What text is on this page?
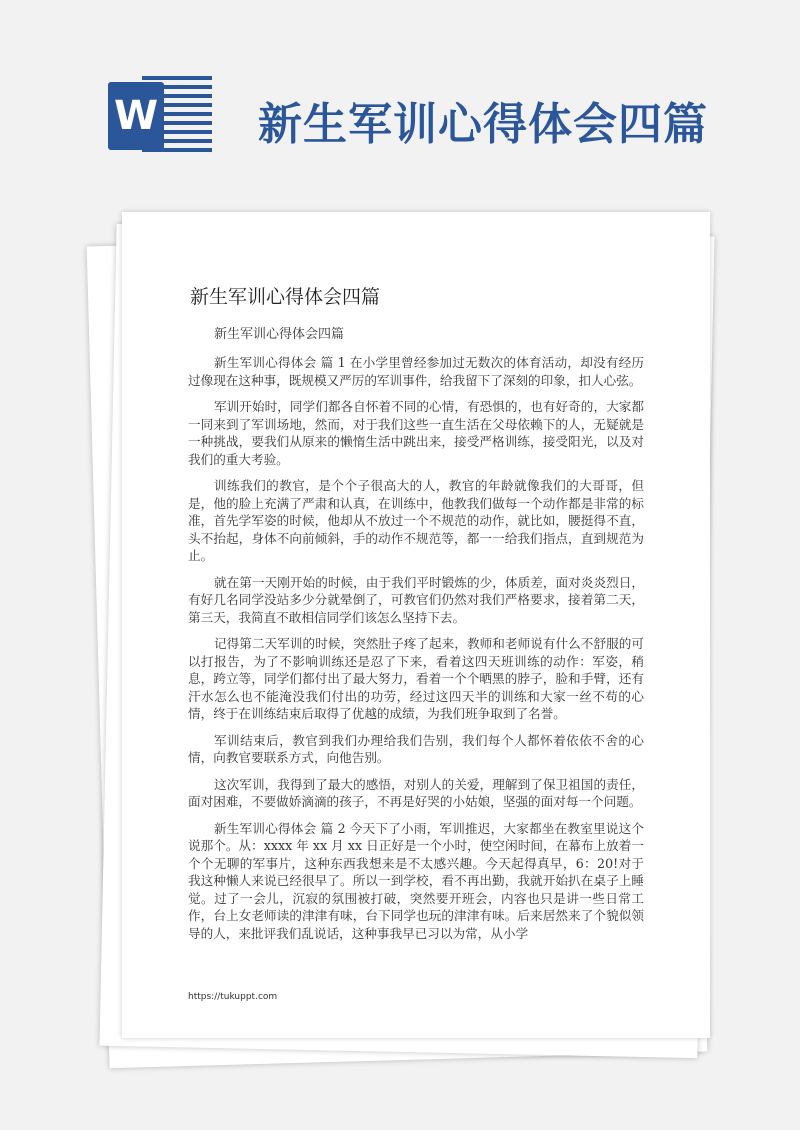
W 新生军训心得体会四篇
新生军训心得体会四篇

新生军训心得体会四篇

新生军训心得体会 篇 1 在小学里曾经参加过无数次的体育活动，却没有经历过像现在这种事，既规模又严厉的军训事件，给我留下了深刻的印象，扣人心弦。

军训开始时，同学们都各自怀着不同的心情，有恐惧的，也有好奇的，大家都一同来到了军训场地，然而，对于我们这些一直生活在父母依赖下的人，无疑就是一种挑战，要我们从原来的懒惰生活中跳出来，接受严格训练，接受阳光，以及对我们的重大考验。

训练我们的教官，是个个子很高大的人，教官的年龄就像我们的大哥哥，但是，他的脸上充满了严肃和认真，在训练中，他教我们做每一个动作都是非常的标准，首先学军姿的时候，他却从不放过一个不规范的动作，就比如，腰挺得不直，头不抬起，身体不向前倾斜，手的动作不规范等，都一一给我们指点，直到规范为止。

就在第一天刚开始的时候，由于我们平时锻炼的少，体质差，面对炎炎烈日，有好几名同学没站多少分就晕倒了，可教官们仍然对我们严格要求，接着第二天，第三天，我简直不敢相信同学们该怎么坚持下去。

记得第二天军训的时候，突然肚子疼了起来，教师和老师说有什么不舒服的可以打报告，为了不影响训练还是忍了下来，看着这四天班训练的动作：军姿，稍息，跨立等，同学们都付出了最大努力，看着一个个晒黑的脖子，脸和手臂，还有汗水怎么也不能淹没我们付出的功劳，经过这四天半的训练和大家一丝不苟的心情，终于在训练结束后取得了优越的成绩，为我们班争取到了名誉。

军训结束后，教官到我们办理给我们告别，我们每个人都怀着依依不舍的心情，向教官要联系方式，向他告别。

这次军训，我得到了最大的感悟，对别人的关爱，理解到了保卫祖国的责任，面对困难，不要做娇滴滴的孩子，不再是好哭的小姑娘，坚强的面对每一个问题。

新生军训心得体会 篇 2 今天下了小雨，军训推迟，大家都坐在教室里说这个说那个。从：xxxx 年 xx 月 xx 日正好是一个小时，使空闲时间，在幕布上放着一个个无聊的军事片，这种东西我想来是不太感兴趣。今天起得真早，6：20!对于我这种懒人来说已经很早了。所以一到学校，看不再出勤，我就开始扒在桌子上睡觉。过了一会儿，沉寂的氛围被打破，突然要开班会，内容也只是讲一些日常工作，台上女老师读的津津有味，台下同学也玩的津津有味。后来居然来了个貌似领导的人，来批评我们乱说话，这种事我早已习以为常，从小学

https://tukuppt.com
